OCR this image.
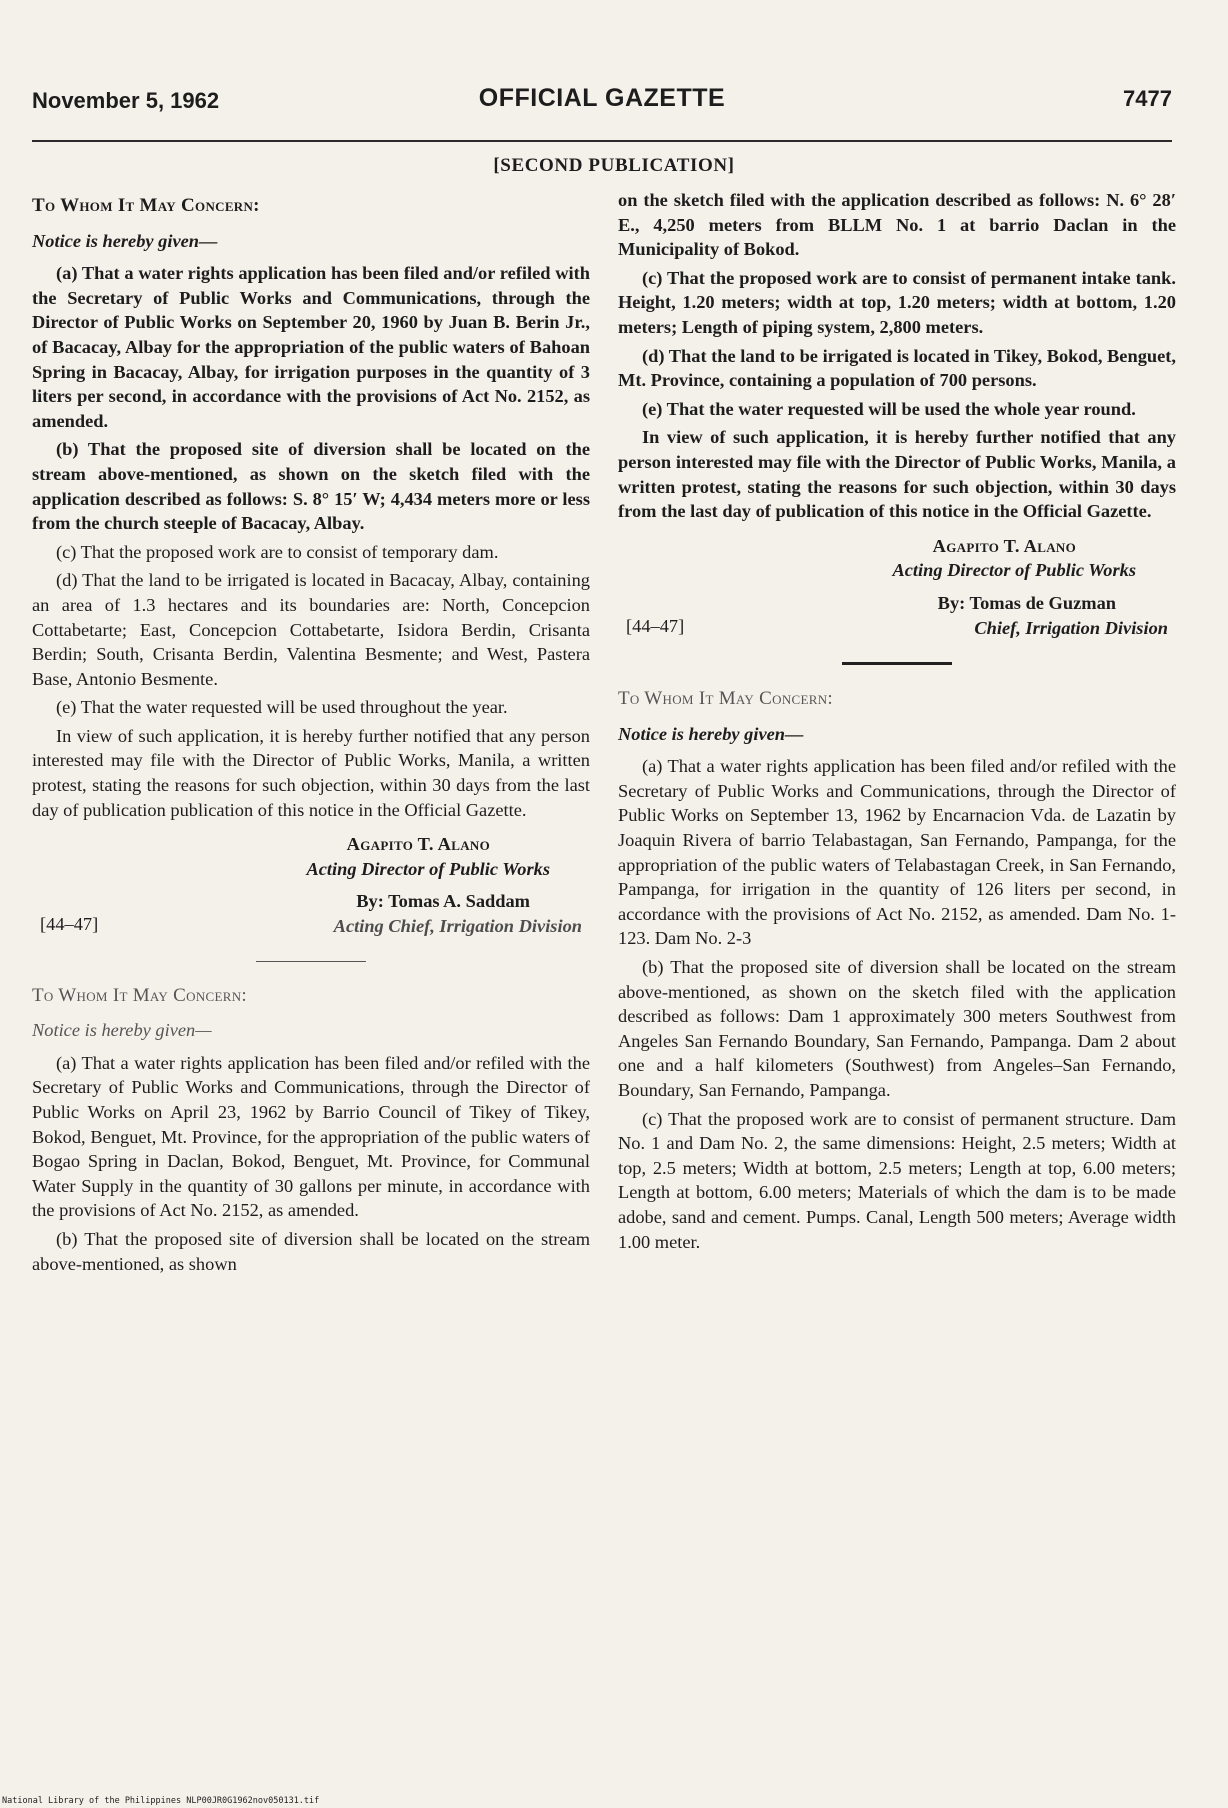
November 5, 1962	OFFICIAL GAZETTE	7477
[SECOND PUBLICATION]

To Whom It May Concern:

Notice is hereby given—

(a) That a water rights application has been filed and/or refiled with the Secretary of Public Works and Communications, through the Director of Public Works on September 20, 1960 by Juan B. Berin Jr., of Bacacay, Albay for the appropriation of the public waters of Bahoan Spring in Bacacay, Albay, for irrigation purposes in the quantity of 3 liters per second, in accordance with the provisions of Act No. 2152, as amended.

(b) That the proposed site of diversion shall be located on the stream above-mentioned, as shown on the sketch filed with the application described as follows: S. 8° 15′ W; 4,434 meters more or less from the church steeple of Bacacay, Albay.

(c) That the proposed work are to consist of temporary dam.

(d) That the land to be irrigated is located in Bacacay, Albay, containing an area of 1.3 hectares and its boundaries are: North, Concepcion Cottabetarte; East, Concepcion Cottabetarte, Isidora Berdin, Crisanta Berdin; South, Crisanta Berdin, Valentina Besmente; and West, Pastera Base, Antonio Besmente.

(e) That the water requested will be used throughout the year.

In view of such application, it is hereby further notified that any person interested may file with the Director of Public Works, Manila, a written protest, stating the reasons for such objection, within 30 days from the last day of publication publication of this notice in the Official Gazette.

Agapito T. Alano
Acting Director of Public Works
By: Tomas A. Saddam
Acting Chief, Irrigation Division
[44–47]

To Whom It May Concern:

Notice is hereby given—

(a) That a water rights application has been filed and/or refiled with the Secretary of Public Works and Communications, through the Director of Public Works on April 23, 1962 by Barrio Council of Tikey of Tikey, Bokod, Benguet, Mt. Province, for the appropriation of the public waters of Bogao Spring in Daclan, Bokod, Benguet, Mt. Province, for Communal Water Supply in the quantity of 30 gallons per minute, in accordance with the provisions of Act No. 2152, as amended.

(b) That the proposed site of diversion shall be located on the stream above-mentioned, as shown

on the sketch filed with the application described as follows: N. 6° 28′ E., 4,250 meters from BLLM No. 1 at barrio Daclan in the Municipality of Bokod.

(c) That the proposed work are to consist of permanent intake tank. Height, 1.20 meters; width at top, 1.20 meters; width at bottom, 1.20 meters; Length of piping system, 2,800 meters.

(d) That the land to be irrigated is located in Tikey, Bokod, Benguet, Mt. Province, containing a population of 700 persons.

(e) That the water requested will be used the whole year round.

In view of such application, it is hereby further notified that any person interested may file with the Director of Public Works, Manila, a written protest, stating the reasons for such objection, within 30 days from the last day of publication of this notice in the Official Gazette.

Agapito T. Alano
Acting Director of Public Works
By: Tomas de Guzman
Chief, Irrigation Division
[44–47]

To Whom It May Concern:

Notice is hereby given—

(a) That a water rights application has been filed and/or refiled with the Secretary of Public Works and Communications, through the Director of Public Works on September 13, 1962 by Encarnacion Vda. de Lazatin by Joaquin Rivera of barrio Telabastagan, San Fernando, Pampanga, for the appropriation of the public waters of Telabastagan Creek, in San Fernando, Pampanga, for irrigation in the quantity of 126 liters per second, in accordance with the provisions of Act No. 2152, as amended. Dam No. 1-123. Dam No. 2-3

(b) That the proposed site of diversion shall be located on the stream above-mentioned, as shown on the sketch filed with the application described as follows: Dam 1 approximately 300 meters Southwest from Angeles San Fernando Boundary, San Fernando, Pampanga. Dam 2 about one and a half kilometers (Southwest) from Angeles–San Fernando, Boundary, San Fernando, Pampanga.

(c) That the proposed work are to consist of permanent structure. Dam No. 1 and Dam No. 2, the same dimensions: Height, 2.5 meters; Width at top, 2.5 meters; Width at bottom, 2.5 meters; Length at top, 6.00 meters; Length at bottom, 6.00 meters; Materials of which the dam is to be made adobe, sand and cement. Pumps. Canal, Length 500 meters; Average width 1.00 meter.

National Library of the Philippines NLP00JR0G1962nov050131.tif
